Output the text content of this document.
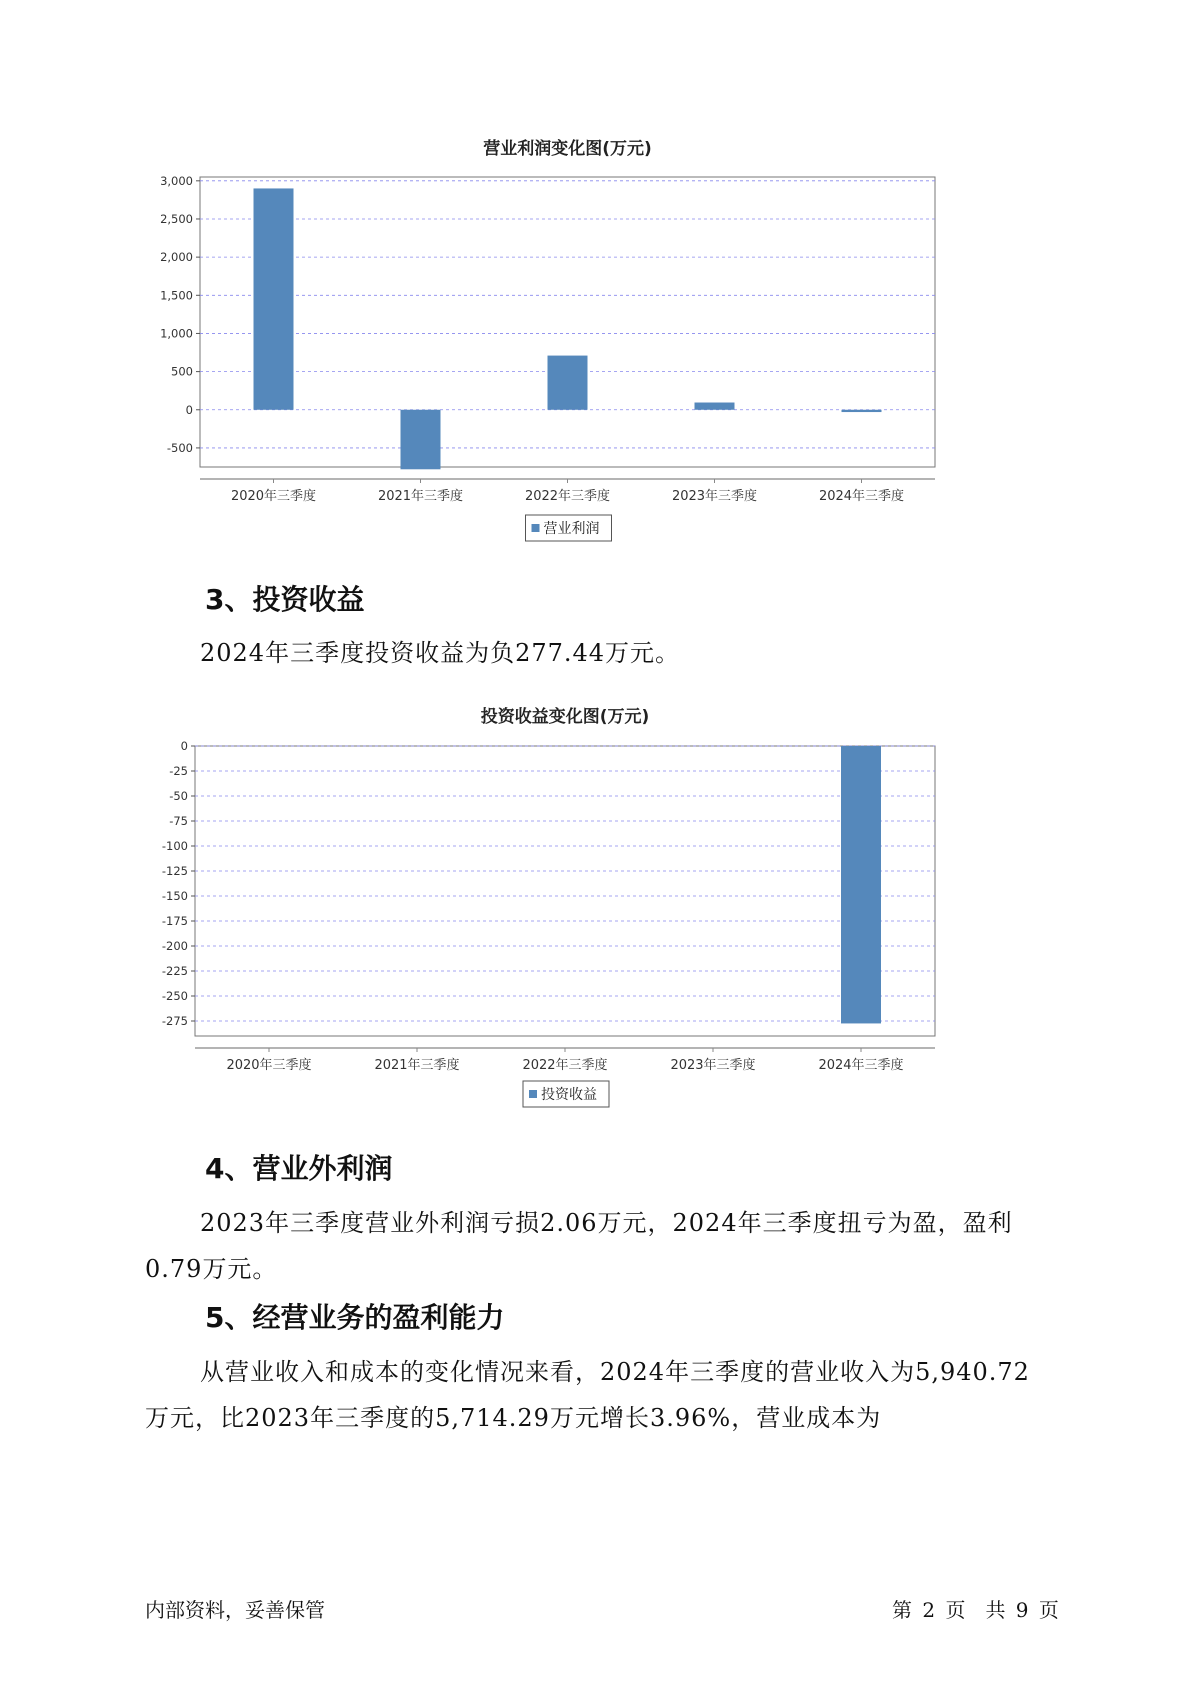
营业利润变化图(万元)
3,000
2,500
2,000
1,500
1,000
500
0
-500
2020年三季度	2021年三季度	2022年三季度	2023年三季度	2024年三季度
营业利润
3、投资收益

2024年三季度投资收益为负277.44万元。

投资收益变化图(万元)
0
-25
-50
-75
-100
-125
-150
-175
-200
-225
-250
-275
2020年三季度	2021年三季度	2022年三季度	2023年三季度	2024年三季度
投资收益
4、营业外利润

2023年三季度营业外利润亏损2.06万元，2024年三季度扭亏为盈，盈利0.79万元。

5、经营业务的盈利能力

从营业收入和成本的变化情况来看，2024年三季度的营业收入为5,940.72万元，比2023年三季度的5,714.29万元增长3.96%，营业成本为

内部资料，妥善保管	第 2 页　共 9 页
